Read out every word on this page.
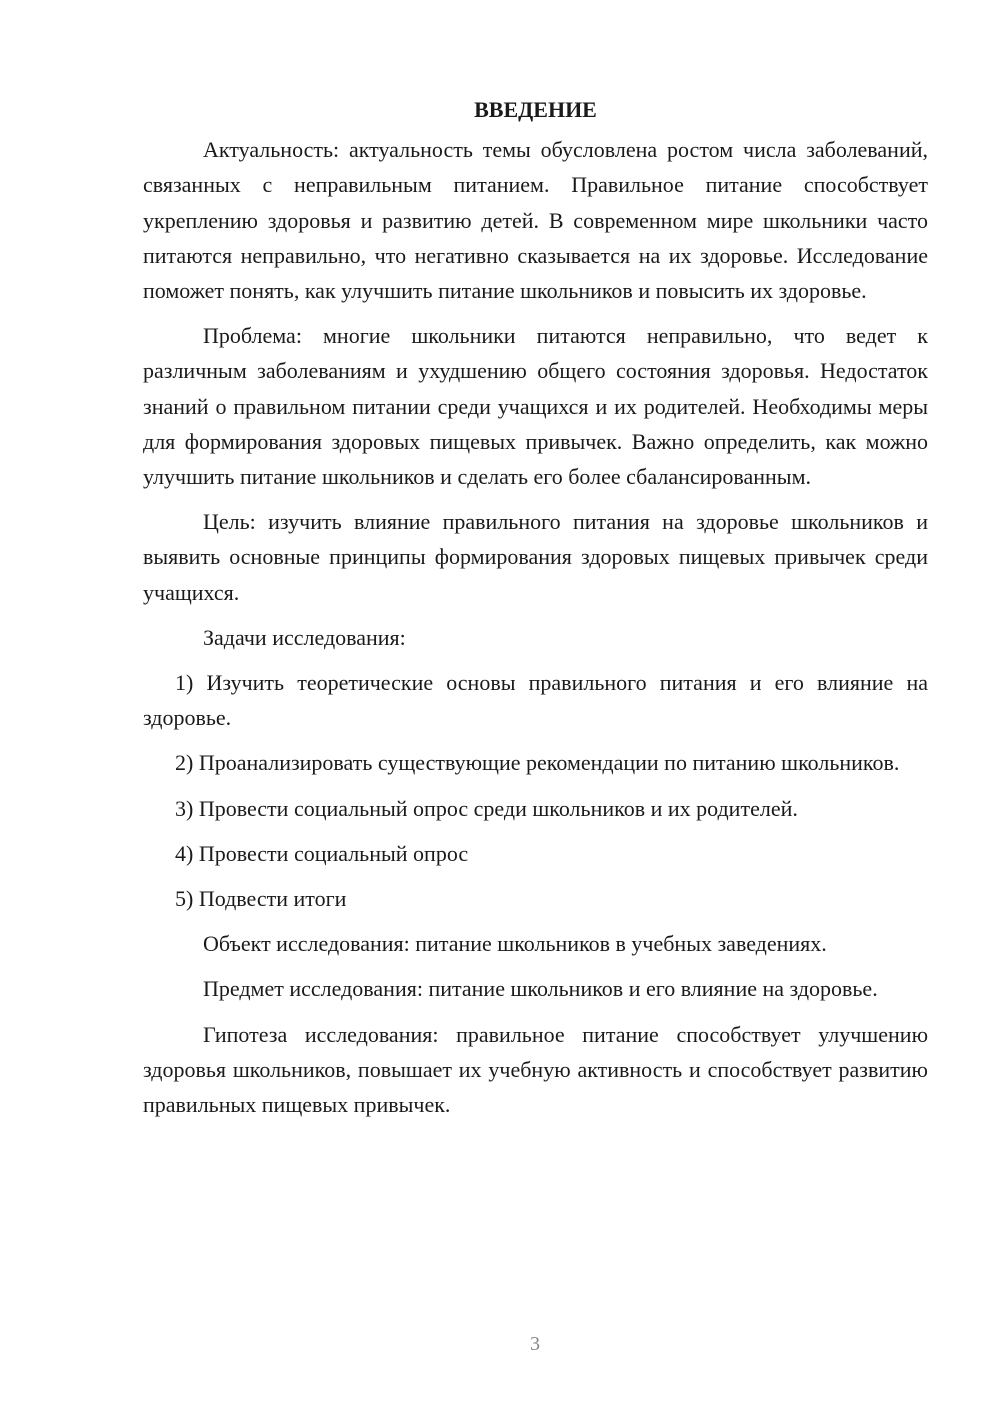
ВВЕДЕНИЕ

Актуальность: актуальность темы обусловлена ростом числа заболеваний, связанных с неправильным питанием. Правильное питание способствует укреплению здоровья и развитию детей. В современном мире школьники часто питаются неправильно, что негативно сказывается на их здоровье. Исследование поможет понять, как улучшить питание школьников и повысить их здоровье.

Проблема: многие школьники питаются неправильно, что ведет к различным заболеваниям и ухудшению общего состояния здоровья. Недостаток знаний о правильном питании среди учащихся и их родителей. Необходимы меры для формирования здоровых пищевых привычек. Важно определить, как можно улучшить питание школьников и сделать его более сбалансированным.

Цель: изучить влияние правильного питания на здоровье школьников и выявить основные принципы формирования здоровых пищевых привычек среди учащихся.

Задачи исследования:

1) Изучить теоретические основы правильного питания и его влияние на здоровье.

2) Проанализировать существующие рекомендации по питанию школьников.

3) Провести социальный опрос среди школьников и их родителей.

4) Провести социальный опрос

5) Подвести итоги

Объект исследования: питание школьников в учебных заведениях.

Предмет исследования: питание школьников и его влияние на здоровье.

Гипотеза исследования: правильное питание способствует улучшению здоровья школьников, повышает их учебную активность и способствует развитию правильных пищевых привычек.

3
